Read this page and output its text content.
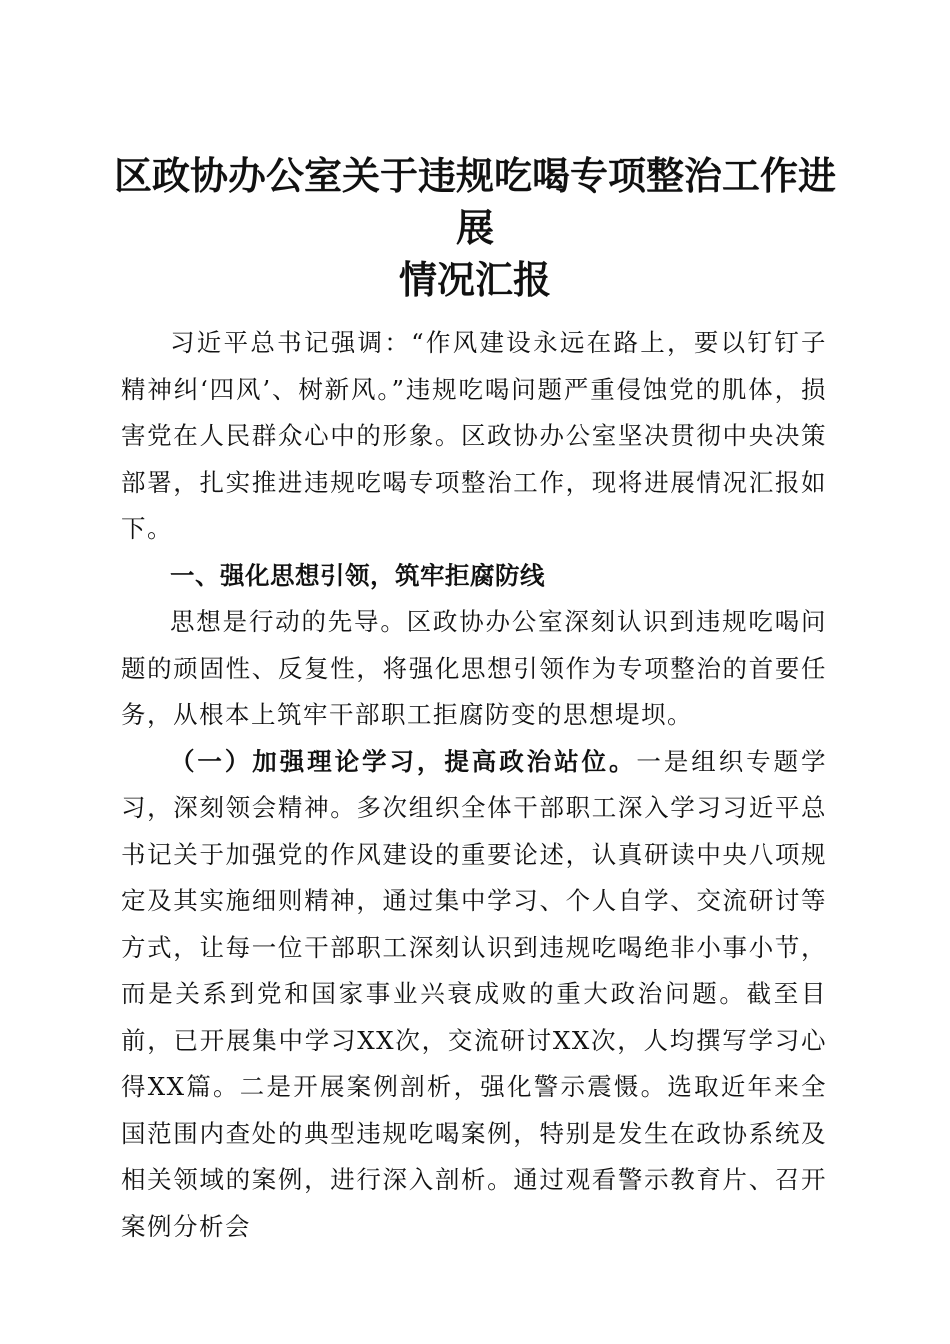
区政协办公室关于违规吃喝专项整治工作进展
情况汇报

习近平总书记强调：“作风建设永远在路上，要以钉钉子精神纠‘四风’、树新风。”违规吃喝问题严重侵蚀党的肌体，损害党在人民群众心中的形象。区政协办公室坚决贯彻中央决策部署，扎实推进违规吃喝专项整治工作，现将进展情况汇报如下。

一、强化思想引领，筑牢拒腐防线

思想是行动的先导。区政协办公室深刻认识到违规吃喝问题的顽固性、反复性，将强化思想引领作为专项整治的首要任务，从根本上筑牢干部职工拒腐防变的思想堤坝。

（一）加强理论学习，提高政治站位。一是组织专题学习，深刻领会精神。多次组织全体干部职工深入学习习近平总书记关于加强党的作风建设的重要论述，认真研读中央八项规定及其实施细则精神，通过集中学习、个人自学、交流研讨等方式，让每一位干部职工深刻认识到违规吃喝绝非小事小节，而是关系到党和国家事业兴衰成败的重大政治问题。截至目前，已开展集中学习XX次，交流研讨XX次，人均撰写学习心得XX篇。二是开展案例剖析，强化警示震慑。选取近年来全国范围内查处的典型违规吃喝案例，特别是发生在政协系统及相关领域的案例，进行深入剖析。通过观看警示教育片、召开案例分析会
